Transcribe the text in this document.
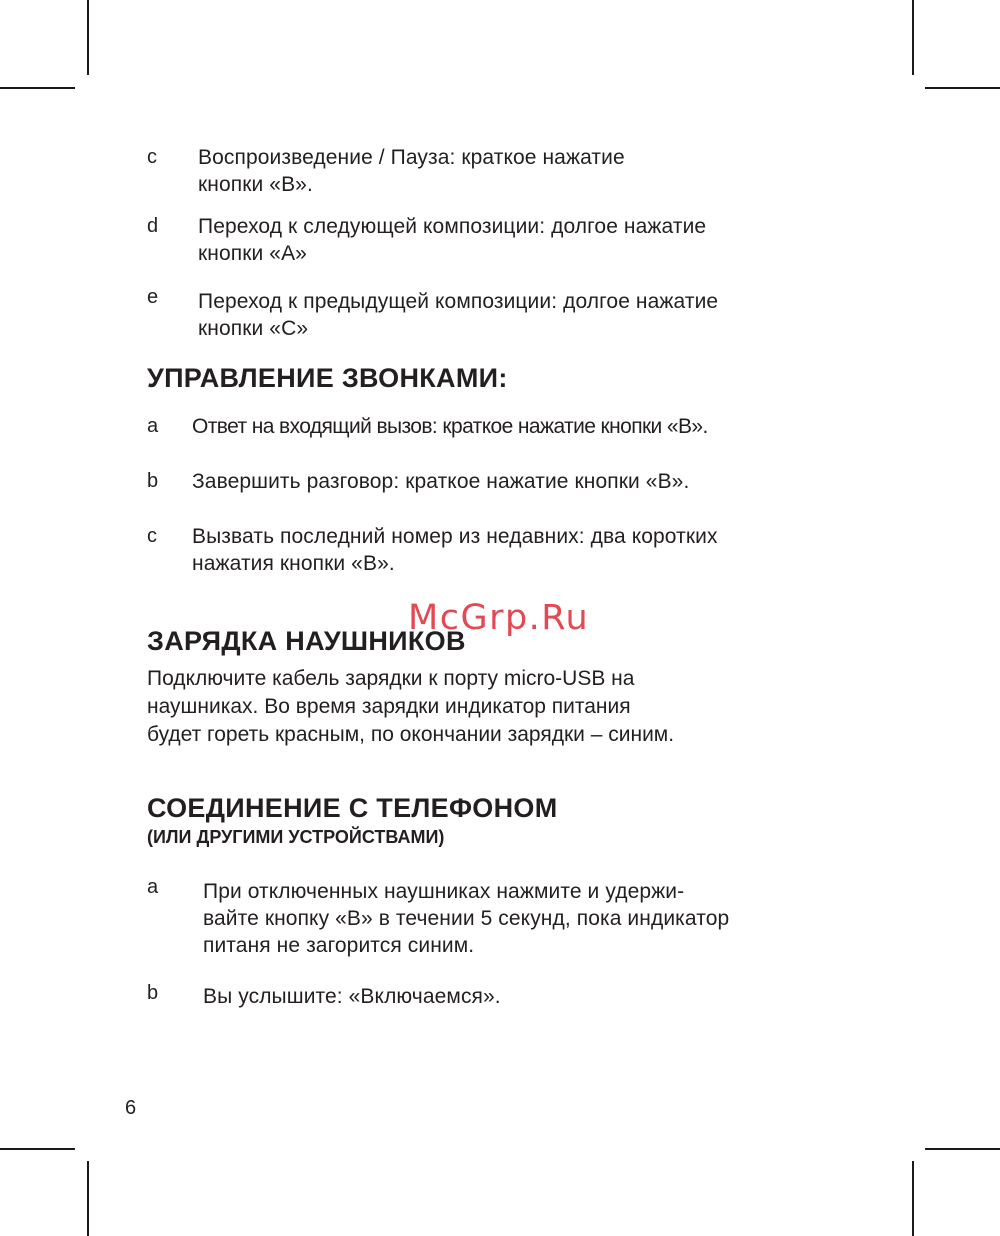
c Воспроизведение / Пауза: краткое нажатие
кнопки «B».
d Переход к следующей композиции: долгое нажатие
кнопки «А»
e Переход к предыдущей композиции: долгое нажатие
кнопки «С»
УПРАВЛЕНИЕ ЗВОНКАМИ:
a Ответ на входящий вызов: краткое нажатие кнопки «B».
b Завершить разговор: краткое нажатие кнопки «B».
c Вызвать последний номер из недавних: два коротких
нажатия кнопки «B».
ЗАРЯДКА НАУШНИКОВ
Подключите кабель зарядки к порту micro-USB на
наушниках. Во время зарядки индикатор питания
будет гореть красным, по окончании зарядки – синим.
СОЕДИНЕНИЕ С ТЕЛЕФОНОМ
(ИЛИ ДРУГИМИ УСТРОЙСТВАМИ)
a При отключенных наушниках нажмите и удержи-
вайте кнопку «B» в течении 5 секунд, пока индикатор
питаня не загорится синим.
b Вы услышите: «Включаемся».
McGrp.Ru
6
